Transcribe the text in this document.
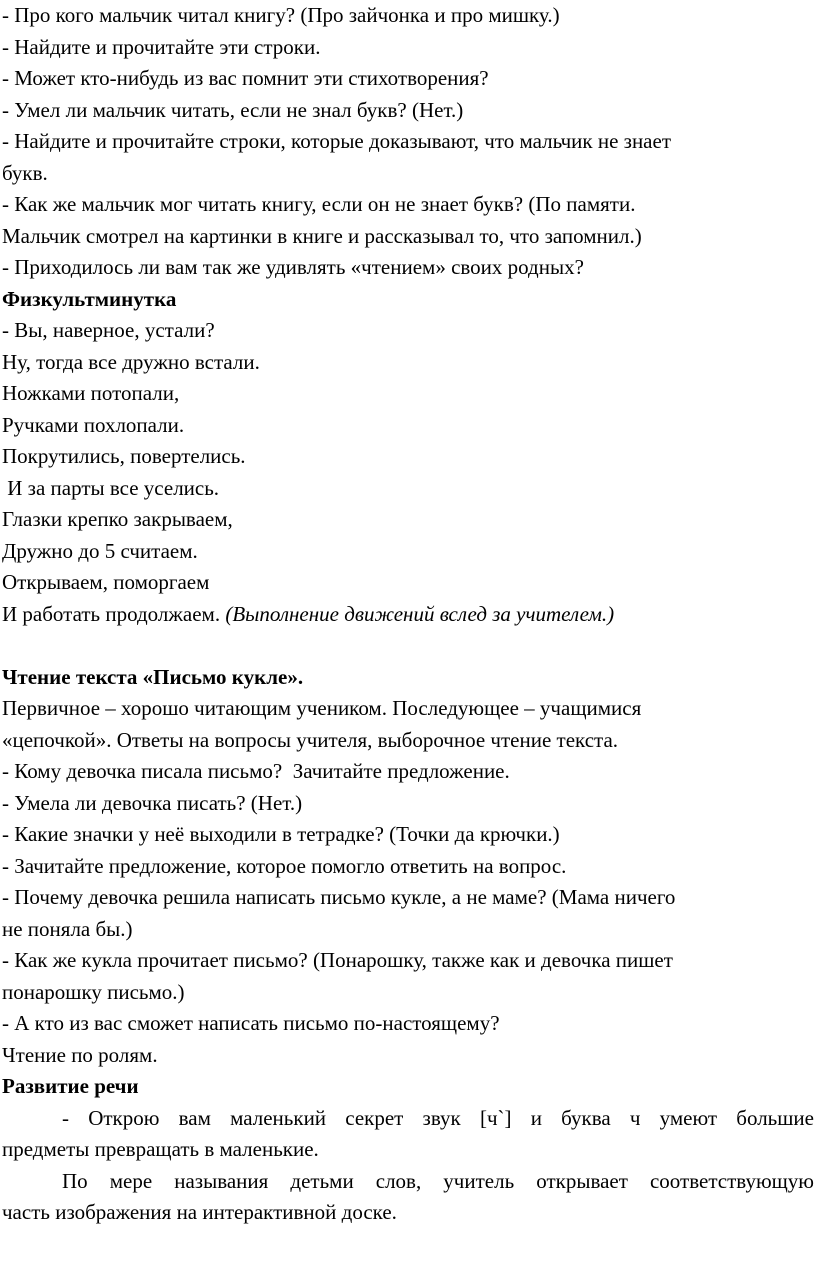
- Про кого мальчик читал книгу? (Про зайчонка и про мишку.)
- Найдите и прочитайте эти строки.
- Может кто-нибудь из вас помнит эти стихотворения?
- Умел ли мальчик читать, если не знал букв? (Нет.)
- Найдите и прочитайте строки, которые доказывают, что мальчик не знает
букв.
- Как же мальчик мог читать книгу, если он не знает букв? (По памяти.
Мальчик смотрел на картинки в книге и рассказывал то, что запомнил.)
- Приходилось ли вам так же удивлять «чтением» своих родных?
Физкультминутка
- Вы, наверное, устали?
Ну, тогда все дружно встали.
Ножками потопали,
Ручками похлопали.
Покрутились, повертелись.
И за парты все уселись.
Глазки крепко закрываем,
Дружно до 5 считаем.
Открываем, поморгаем
И работать продолжаем. (Выполнение движений вслед за учителем.)
Чтение текста «Письмо кукле».
Первичное – хорошо читающим учеником. Последующее – учащимися
«цепочкой». Ответы на вопросы учителя, выборочное чтение текста.
- Кому девочка писала письмо?  Зачитайте предложение.
- Умела ли девочка писать? (Нет.)
- Какие значки у неё выходили в тетрадке? (Точки да крючки.)
- Зачитайте предложение, которое помогло ответить на вопрос.
- Почему девочка решила написать письмо кукле, а не маме? (Мама ничего
не поняла бы.)
- Как же кукла прочитает письмо? (Понарошку, также как и девочка пишет
понарошку письмо.)
- А кто из вас сможет написать письмо по-настоящему?
Чтение по ролям.
Развитие речи
- Открою вам маленький секрет звук [ч`] и буква ч умеют большие
предметы превращать в маленькие.
По мере называния детьми слов, учитель открывает соответствующую
часть изображения на интерактивной доске.
